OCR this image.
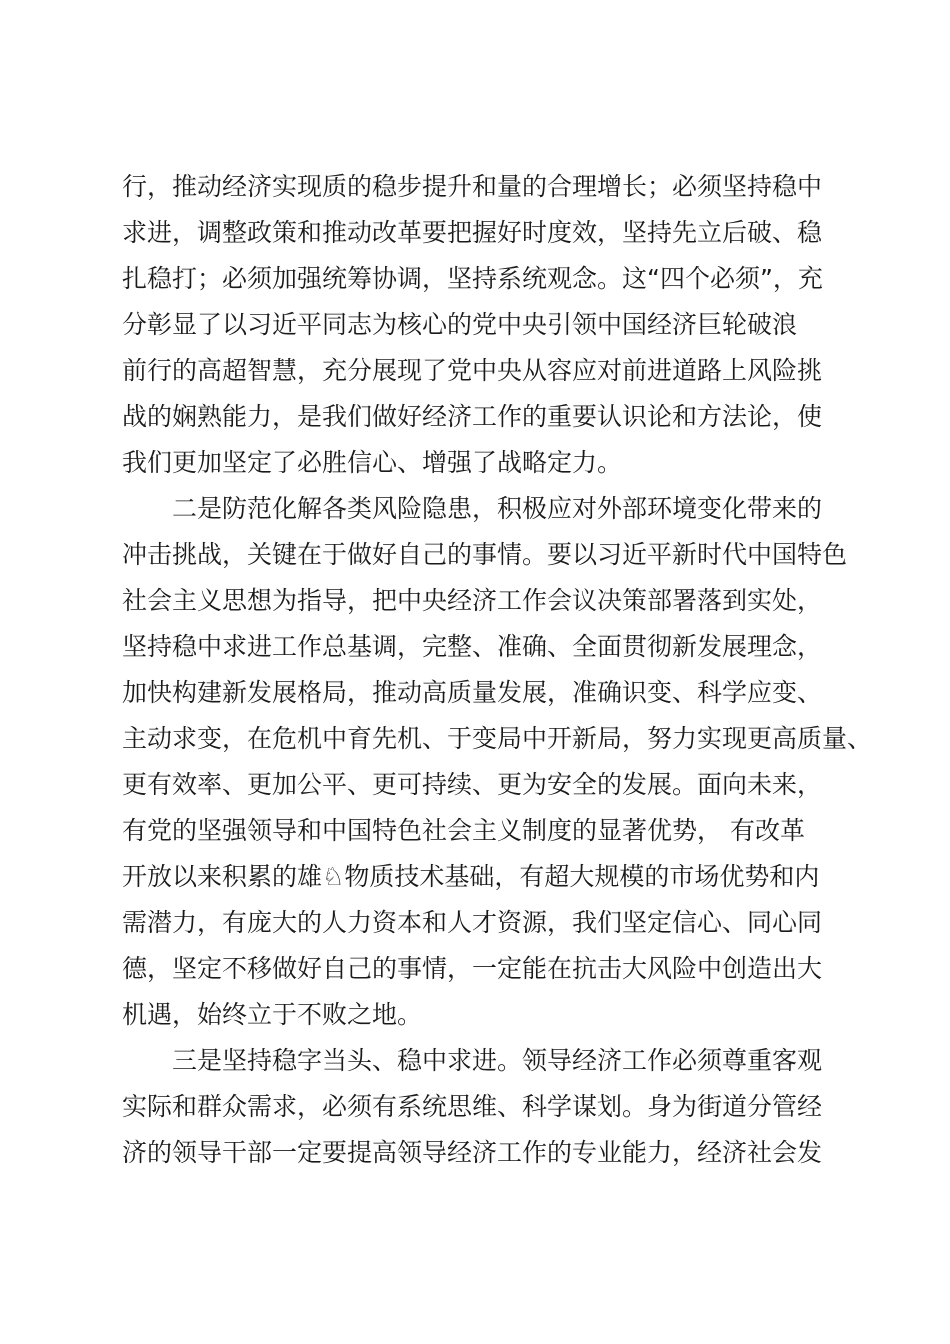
行，推动经济实现质的稳步提升和量的合理增长；必须坚持稳中
求进，调整政策和推动改革要把握好时度效，坚持先立后破、稳
扎稳打；必须加强统筹协调，坚持系统观念。这“四个必须”，充
分彰显了以习近平同志为核心的党中央引领中国经济巨轮破浪
前行的高超智慧，充分展现了党中央从容应对前进道路上风险挑
战的娴熟能力，是我们做好经济工作的重要认识论和方法论，使
我们更加坚定了必胜信心、增强了战略定力。
二是防范化解各类风险隐患，积极应对外部环境变化带来的
冲击挑战，关键在于做好自己的事情。要以习近平新时代中国特色
社会主义思想为指导，把中央经济工作会议决策部署落到实处，
坚持稳中求进工作总基调，完整、准确、全面贯彻新发展理念，
加快构建新发展格局，推动高质量发展，准确识变、科学应变、
主动求变，在危机中育先机、于变局中开新局，努力实现更高质量、
更有效率、更加公平、更可持续、更为安全的发展。面向未来，
有党的坚强领导和中国特色社会主义制度的显著优势， 有改革
开放以来积累的雄♘物质技术基础，有超大规模的市场优势和内
需潜力，有庞大的人力资本和人才资源，我们坚定信心、同心同
德，坚定不移做好自己的事情，一定能在抗击大风险中创造出大
机遇，始终立于不败之地。
三是坚持稳字当头、稳中求进。领导经济工作必须尊重客观
实际和群众需求，必须有系统思维、科学谋划。身为街道分管经
济的领导干部一定要提高领导经济工作的专业能力，经济社会发
